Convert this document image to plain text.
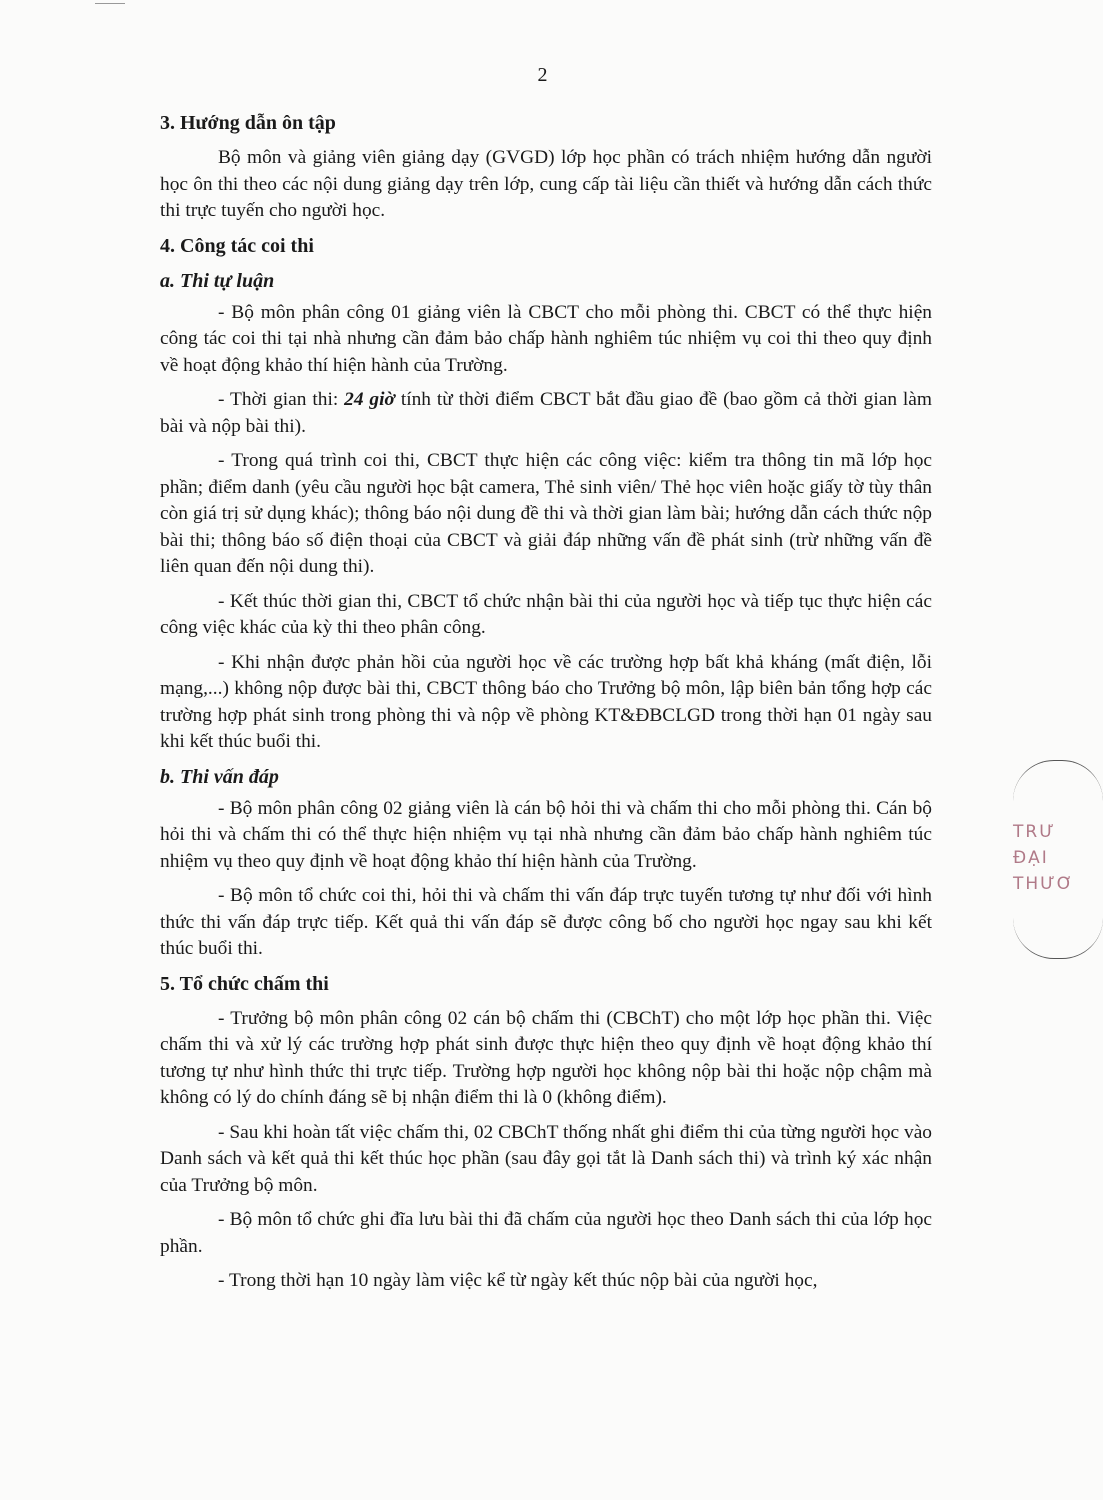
2
3. Hướng dẫn ôn tập

Bộ môn và giảng viên giảng dạy (GVGD) lớp học phần có trách nhiệm hướng dẫn người học ôn thi theo các nội dung giảng dạy trên lớp, cung cấp tài liệu cần thiết và hướng dẫn cách thức thi trực tuyến cho người học.

4. Công tác coi thi
a. Thi tự luận

- Bộ môn phân công 01 giảng viên là CBCT cho mỗi phòng thi. CBCT có thể thực hiện công tác coi thi tại nhà nhưng cần đảm bảo chấp hành nghiêm túc nhiệm vụ coi thi theo quy định về hoạt động khảo thí hiện hành của Trường.

- Thời gian thi: 24 giờ tính từ thời điểm CBCT bắt đầu giao đề (bao gồm cả thời gian làm bài và nộp bài thi).

- Trong quá trình coi thi, CBCT thực hiện các công việc: kiểm tra thông tin mã lớp học phần; điểm danh (yêu cầu người học bật camera, Thẻ sinh viên/ Thẻ học viên hoặc giấy tờ tùy thân còn giá trị sử dụng khác); thông báo nội dung đề thi và thời gian làm bài; hướng dẫn cách thức nộp bài thi; thông báo số điện thoại của CBCT và giải đáp những vấn đề phát sinh (trừ những vấn đề liên quan đến nội dung thi).

- Kết thúc thời gian thi, CBCT tổ chức nhận bài thi của người học và tiếp tục thực hiện các công việc khác của kỳ thi theo phân công.

- Khi nhận được phản hồi của người học về các trường hợp bất khả kháng (mất điện, lỗi mạng,...) không nộp được bài thi, CBCT thông báo cho Trưởng bộ môn, lập biên bản tổng hợp các trường hợp phát sinh trong phòng thi và nộp về phòng KT&ĐBCLGD trong thời hạn 01 ngày sau khi kết thúc buổi thi.

b. Thi vấn đáp

- Bộ môn phân công 02 giảng viên là cán bộ hỏi thi và chấm thi cho mỗi phòng thi. Cán bộ hỏi thi và chấm thi có thể thực hiện nhiệm vụ tại nhà nhưng cần đảm bảo chấp hành nghiêm túc nhiệm vụ theo quy định về hoạt động khảo thí hiện hành của Trường.

- Bộ môn tổ chức coi thi, hỏi thi và chấm thi vấn đáp trực tuyến tương tự như đối với hình thức thi vấn đáp trực tiếp. Kết quả thi vấn đáp sẽ được công bố cho người học ngay sau khi kết thúc buổi thi.

5. Tổ chức chấm thi

- Trưởng bộ môn phân công 02 cán bộ chấm thi (CBChT) cho một lớp học phần thi. Việc chấm thi và xử lý các trường hợp phát sinh được thực hiện theo quy định về hoạt động khảo thí tương tự như hình thức thi trực tiếp. Trường hợp người học không nộp bài thi hoặc nộp chậm mà không có lý do chính đáng sẽ bị nhận điểm thi là 0 (không điểm).

- Sau khi hoàn tất việc chấm thi, 02 CBChT thống nhất ghi điểm thi của từng người học vào Danh sách và kết quả thi kết thúc học phần (sau đây gọi tắt là Danh sách thi) và trình ký xác nhận của Trưởng bộ môn.

- Bộ môn tổ chức ghi đĩa lưu bài thi đã chấm của người học theo Danh sách thi của lớp học phần.

- Trong thời hạn 10 ngày làm việc kể từ ngày kết thúc nộp bài của người học,

TRƯ
ĐẠI
THƯƠ
